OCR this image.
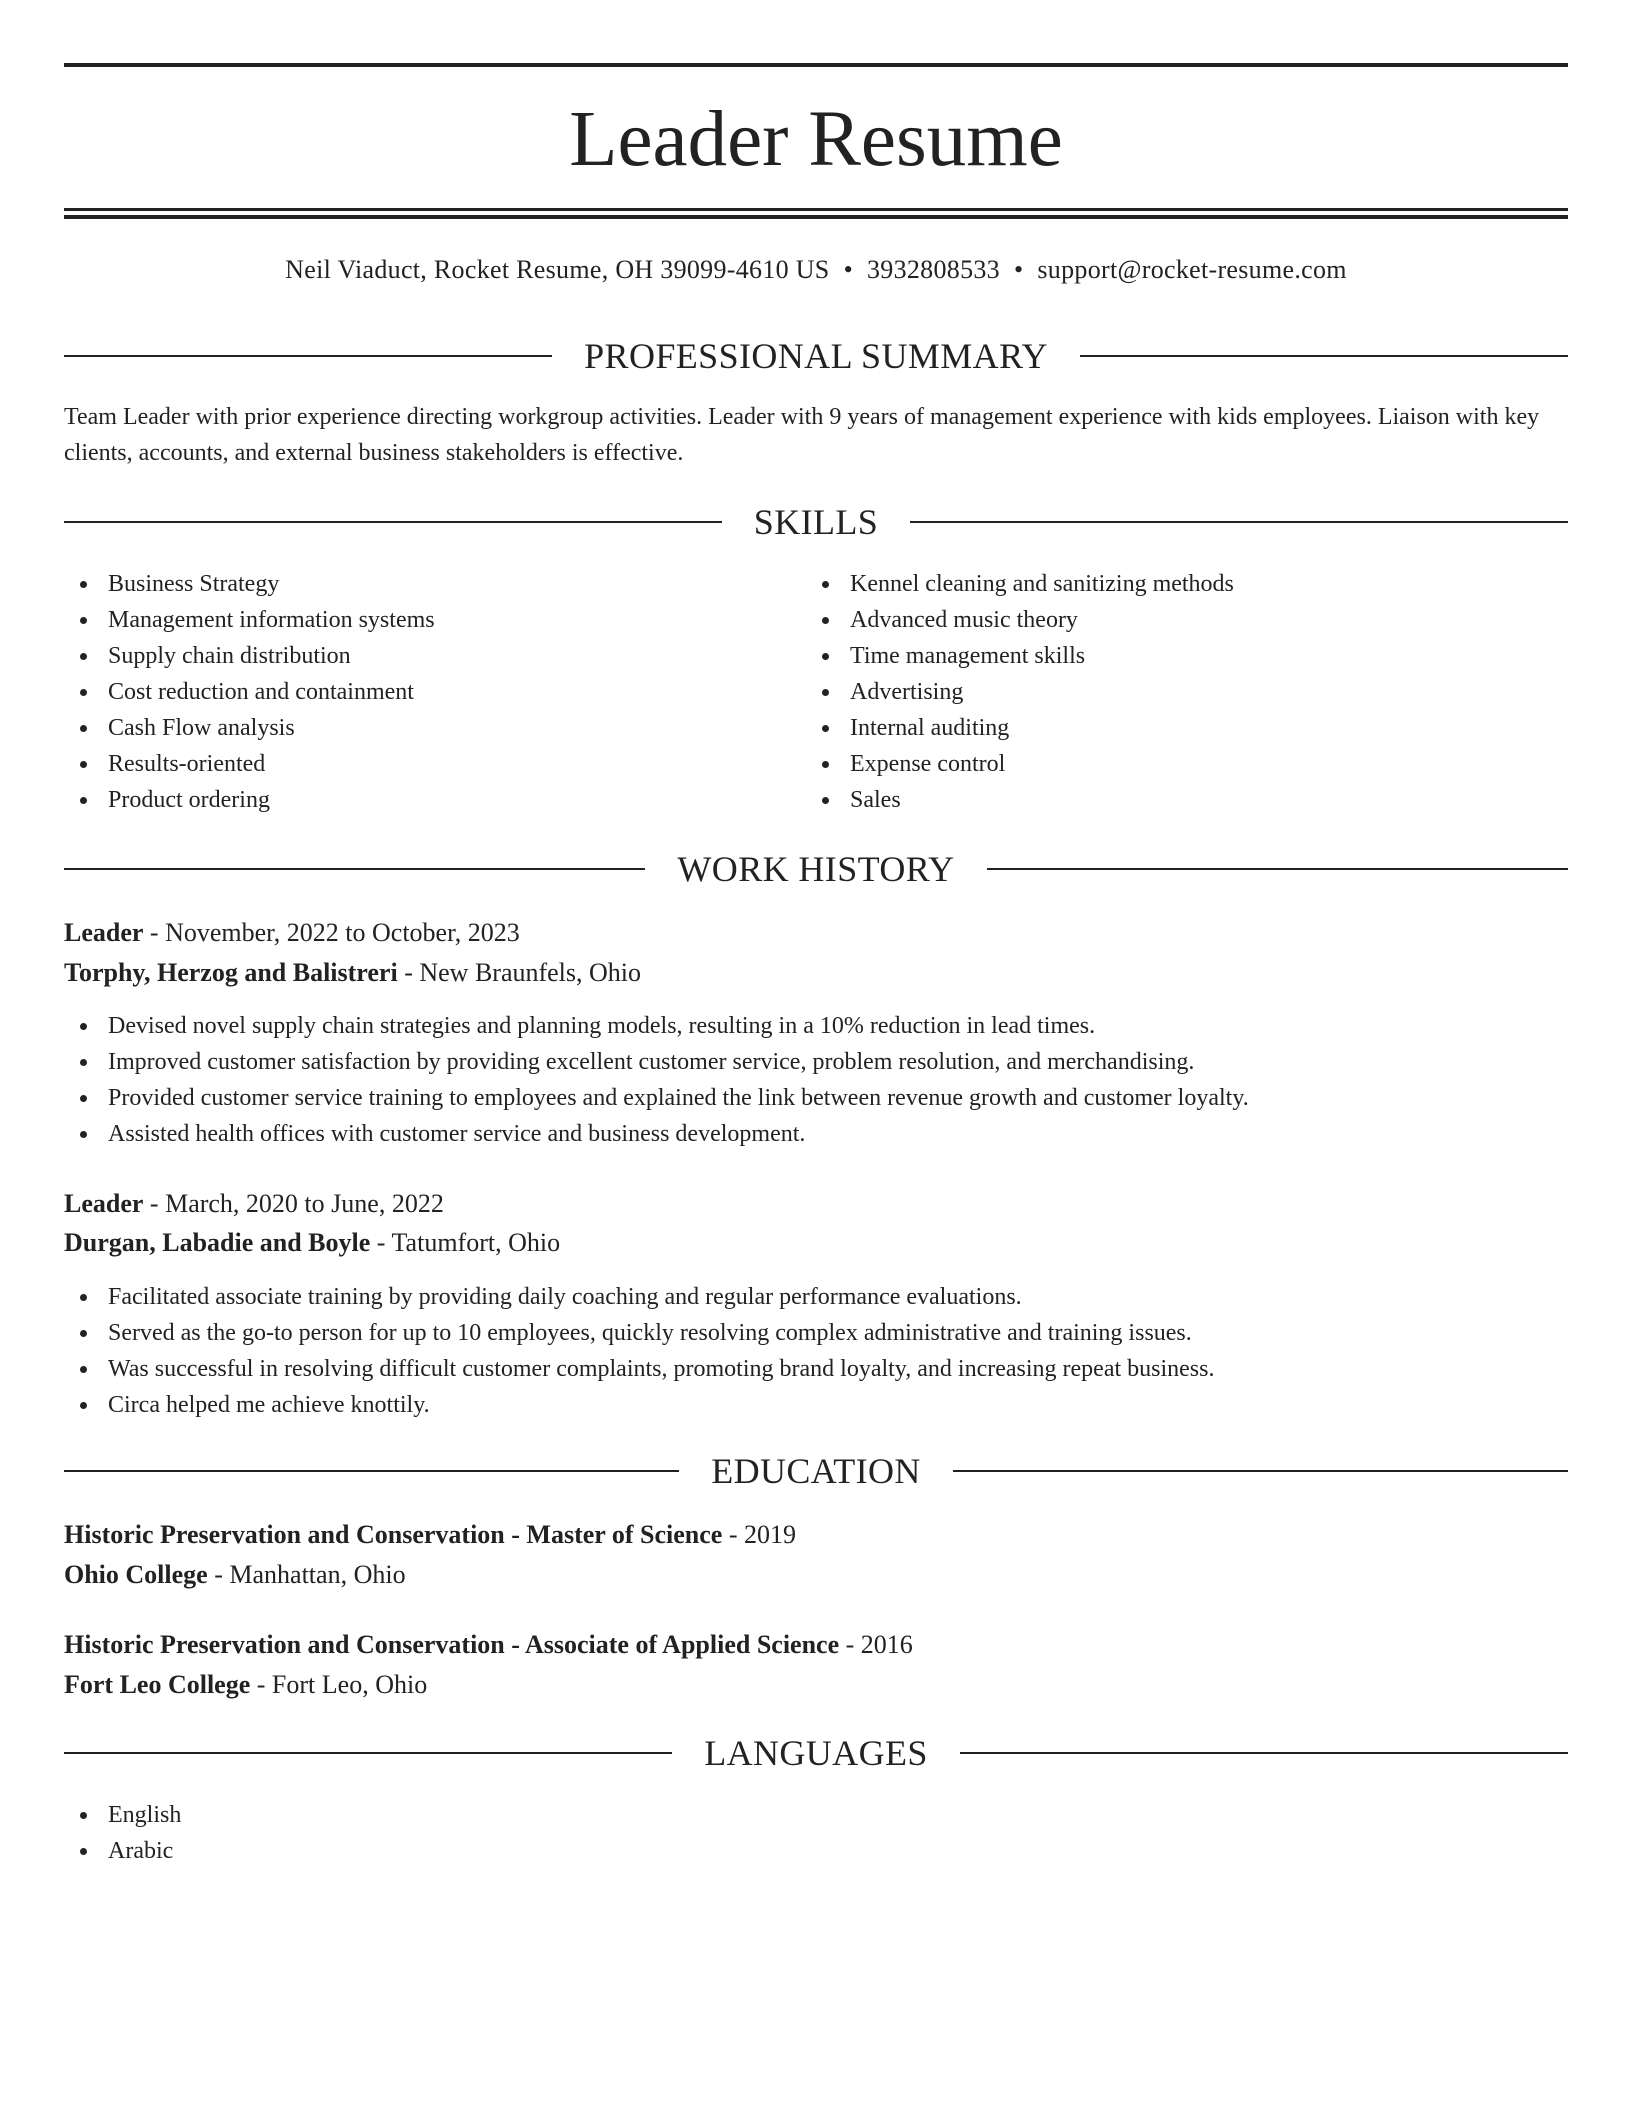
Leader Resume
Neil Viaduct, Rocket Resume, OH 39099-4610 US • 3932808533 • support@rocket-resume.com
PROFESSIONAL SUMMARY
Team Leader with prior experience directing workgroup activities. Leader with 9 years of management experience with kids employees. Liaison with key clients, accounts, and external business stakeholders is effective.
SKILLS
Business Strategy
Management information systems
Supply chain distribution
Cost reduction and containment
Cash Flow analysis
Results-oriented
Product ordering
Kennel cleaning and sanitizing methods
Advanced music theory
Time management skills
Advertising
Internal auditing
Expense control
Sales
WORK HISTORY
Leader - November, 2022 to October, 2023
Torphy, Herzog and Balistreri - New Braunfels, Ohio
Devised novel supply chain strategies and planning models, resulting in a 10% reduction in lead times.
Improved customer satisfaction by providing excellent customer service, problem resolution, and merchandising.
Provided customer service training to employees and explained the link between revenue growth and customer loyalty.
Assisted health offices with customer service and business development.
Leader - March, 2020 to June, 2022
Durgan, Labadie and Boyle - Tatumfort, Ohio
Facilitated associate training by providing daily coaching and regular performance evaluations.
Served as the go-to person for up to 10 employees, quickly resolving complex administrative and training issues.
Was successful in resolving difficult customer complaints, promoting brand loyalty, and increasing repeat business.
Circa helped me achieve knottily.
EDUCATION
Historic Preservation and Conservation - Master of Science - 2019
Ohio College - Manhattan, Ohio
Historic Preservation and Conservation - Associate of Applied Science - 2016
Fort Leo College - Fort Leo, Ohio
LANGUAGES
English
Arabic
